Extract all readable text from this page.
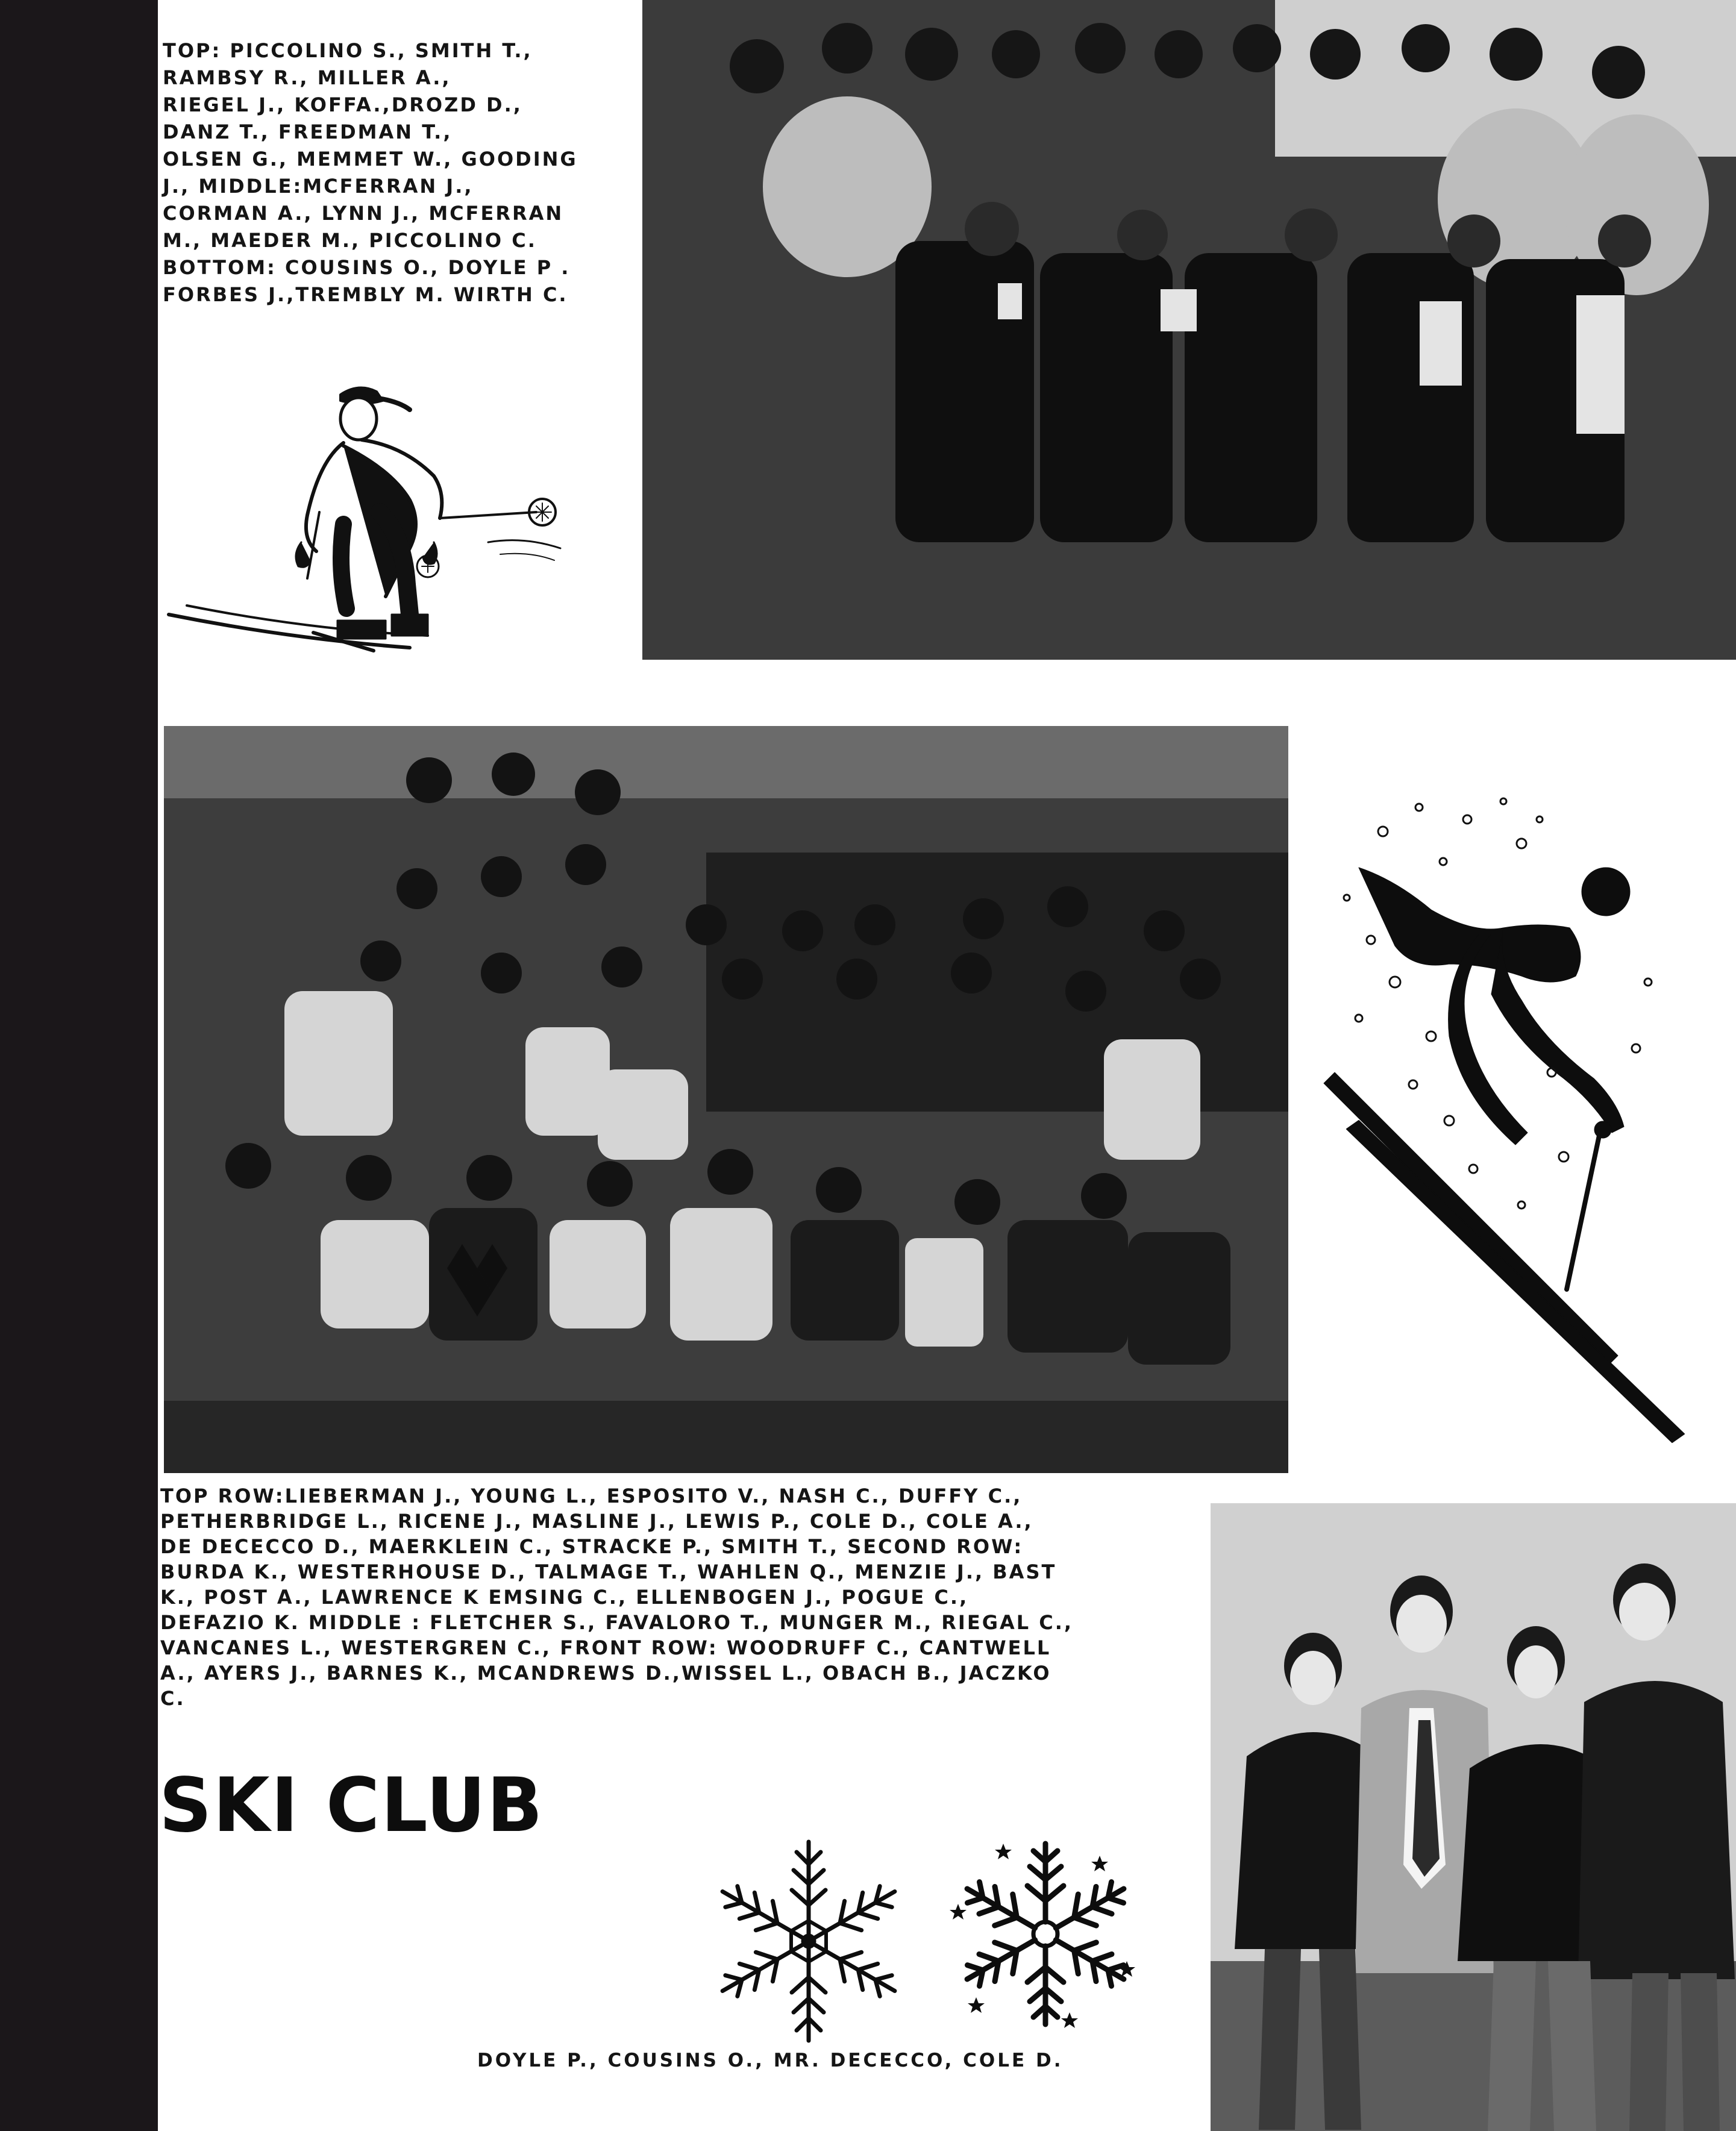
TOP: PICCOLINO S., SMITH T.,
RAMBSY R., MILLER A.,
RIEGEL J., KOFFA.,DROZD D.,
DANZ T., FREEDMAN T.,
OLSEN G., MEMMET W., GOODING
J., MIDDLE:MCFERRAN J.,
CORMAN A., LYNN J., MCFERRAN
M., MAEDER M., PICCOLINO C.
BOTTOM: COUSINS O., DOYLE P .
FORBES J.,TREMBLY M. WIRTH C.

TOP ROW:LIEBERMAN J., YOUNG L., ESPOSITO V., NASH C., DUFFY C.,
PETHERBRIDGE L., RICENE J., MASLINE J., LEWIS P., COLE D., COLE A.,
DE DECECCO D., MAERKLEIN C., STRACKE P., SMITH T., SECOND ROW:
BURDA K., WESTERHOUSE D., TALMAGE T., WAHLEN Q., MENZIE J., BAST
K., POST A., LAWRENCE K EMSING C., ELLENBOGEN J., POGUE C.,
DEFAZIO K. MIDDLE : FLETCHER S., FAVALORO T., MUNGER M., RIEGAL C.,
VANCANES L., WESTERGREN C., FRONT ROW: WOODRUFF C., CANTWELL
A., AYERS J., BARNES K., MCANDREWS D.,WISSEL L., OBACH B., JACZKO
C.

SKI CLUB

DOYLE P., COUSINS O., MR. DECECCO, COLE D.
